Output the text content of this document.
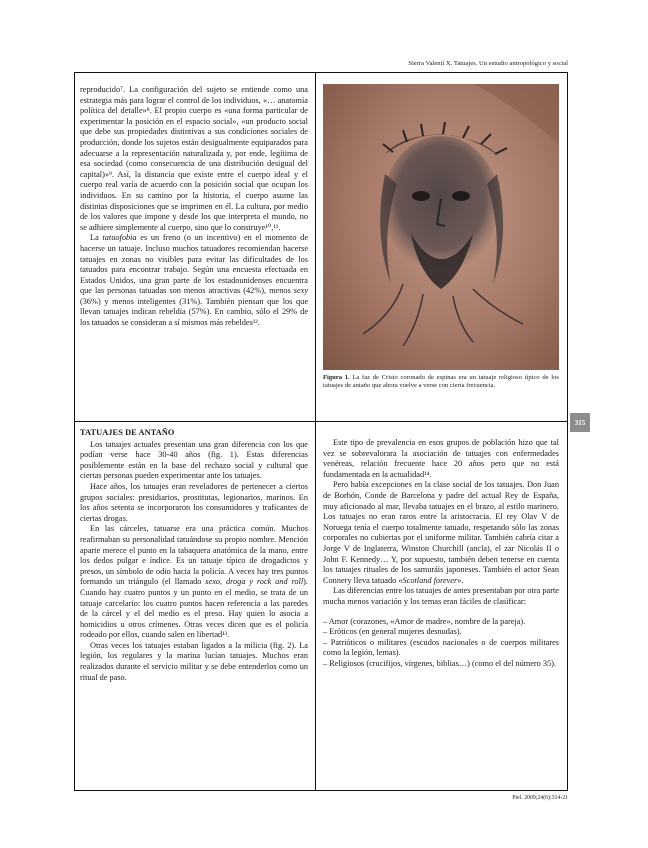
Sierra Valentí X. Tatuajes. Un estudio antropológico y social

reproducido⁷. La configuración del sujeto se entiende como una estrategia más para lograr el control de los individuos, «… anatomía política del detalle»⁸. El propio cuerpo es «una forma particular de experimentar la posición en el espacio social», «un producto social que debe sus propiedades distintivas a sus condiciones sociales de producción, donde los sujetos están desigualmente equiparados para adecuarse a la representación naturalizada y, por ende, legítima de esa sociedad (como consecuencia de una distribución desigual del capital)»⁹. Así, la distancia que existe entre el cuerpo ideal y el cuerpo real varía de acuerdo con la posición social que ocupan los individuos. En su camino por la historia, el cuerpo asume las distintas disposiciones que se imprimen en él. La cultura, por medio de los valores que impone y desde los que interpreta el mundo, no se adhiere simplemente al cuerpo, sino que lo construye¹⁰,¹¹.

La tatuofobia es un freno (o un incentivo) en el momento de hacerse un tatuaje. Incluso muchos tatuadores recomiendan hacerse tatuajes en zonas no visibles para evitar las dificultades de los tatuados para encontrar trabajo. Según una encuesta efectuada en Estados Unidos, una gran parte de los estadounidenses encuentra que las personas tatuadas son menos atractivas (42%), menos sexy (36%) y menos inteligentes (31%). También piensan que los que llevan tatuajes indican rebeldía (57%). En cambio, sólo el 29% de los tatuados se consideran a sí mismos más rebeldes¹².

Figura 1. La faz de Cristo coronado de espinas era un tatuaje religioso típico de los tatuajes de antaño que ahora vuelve a verse con cierta frecuencia.
TATUAJES DE ANTAÑO

Los tatuajes actuales presentan una gran diferencia con los que podían verse hace 30-40 años (fig. 1). Estas diferencias posiblemente están en la base del rechazo social y cultural que ciertas personas pueden experimentar ante los tatuajes.

Hace años, los tatuajes eran reveladores de pertenecer a ciertos grupos sociales: presidiarios, prostitutas, legionarios, marinos. En los años setenta se incorporaron los consumidores y traficantes de ciertas drogas.

En las cárceles, tatuarse era una práctica común. Muchos reafirmaban su personalidad tatuándose su propio nombre. Mención aparte merece el punto en la tabaquera anatómica de la mano, entre los dedos pulgar e índice. Es un tatuaje típico de drogadictos y presos, un símbolo de odio hacia la policía. A veces hay tres puntos formando un triángulo (el llamado sexo, droga y rock and roll). Cuando hay cuatro puntos y un punto en el medio, se trata de un tatuaje carcelario: los cuatro puntos hacen referencia a las paredes de la cárcel y el del medio es el preso. Hay quien lo asocia a homicidios u otros crímenes. Otras veces dicen que es el policía rodeado por ellos, cuando salen en libertad¹³.

Otras veces los tatuajes estaban ligados a la milicia (fig. 2). La legión, los regulares y la marina lucían tatuajes. Muchos eran realizados durante el servicio militar y se debe entenderlos como un ritual de paso.

Este tipo de prevalencia en esos grupos de población hizo que tal vez se sobrevalorara la asociación de tatuajes con enfermedades venéreas, relación frecuente hace 20 años pero que no está fundamentada en la actualidad¹⁴.

Pero había excepciones en la clase social de los tatuajes. Don Juan de Borbón, Conde de Barcelona y padre del actual Rey de España, muy aficionado al mar, llevaba tatuajes en el brazo, al estilo marinero. Los tatuajes no eran raros entre la aristocracia. El rey Olav V de Noruega tenía el cuerpo totalmente tatuado, respetando sólo las zonas corporales no cubiertas por el uniforme militar. También cabría citar a Jorge V de Inglaterra, Winston Churchill (ancla), el zar Nicolás II o John F. Kennedy… Y, por supuesto, también deben tenerse en cuenta los tatuajes rituales de los samuráis japoneses. También el actor Sean Connery lleva tatuado «Scotland forever».

Las diferencias entre los tatuajes de antes presentaban por otra parte mucha menos variación y los temas eran fáciles de clasificar:

– Amor (corazones, «Amor de madre», nombre de la pareja).

– Eróticos (en general mujeres desnudas).

– Patrióticos o militares (escudos nacionales o de cuerpos militares como la legión, lemas).

– Religiosos (crucifijos, vírgenes, biblias…) (como el del número 35).

315
Piel. 2009;24(6):314-21
